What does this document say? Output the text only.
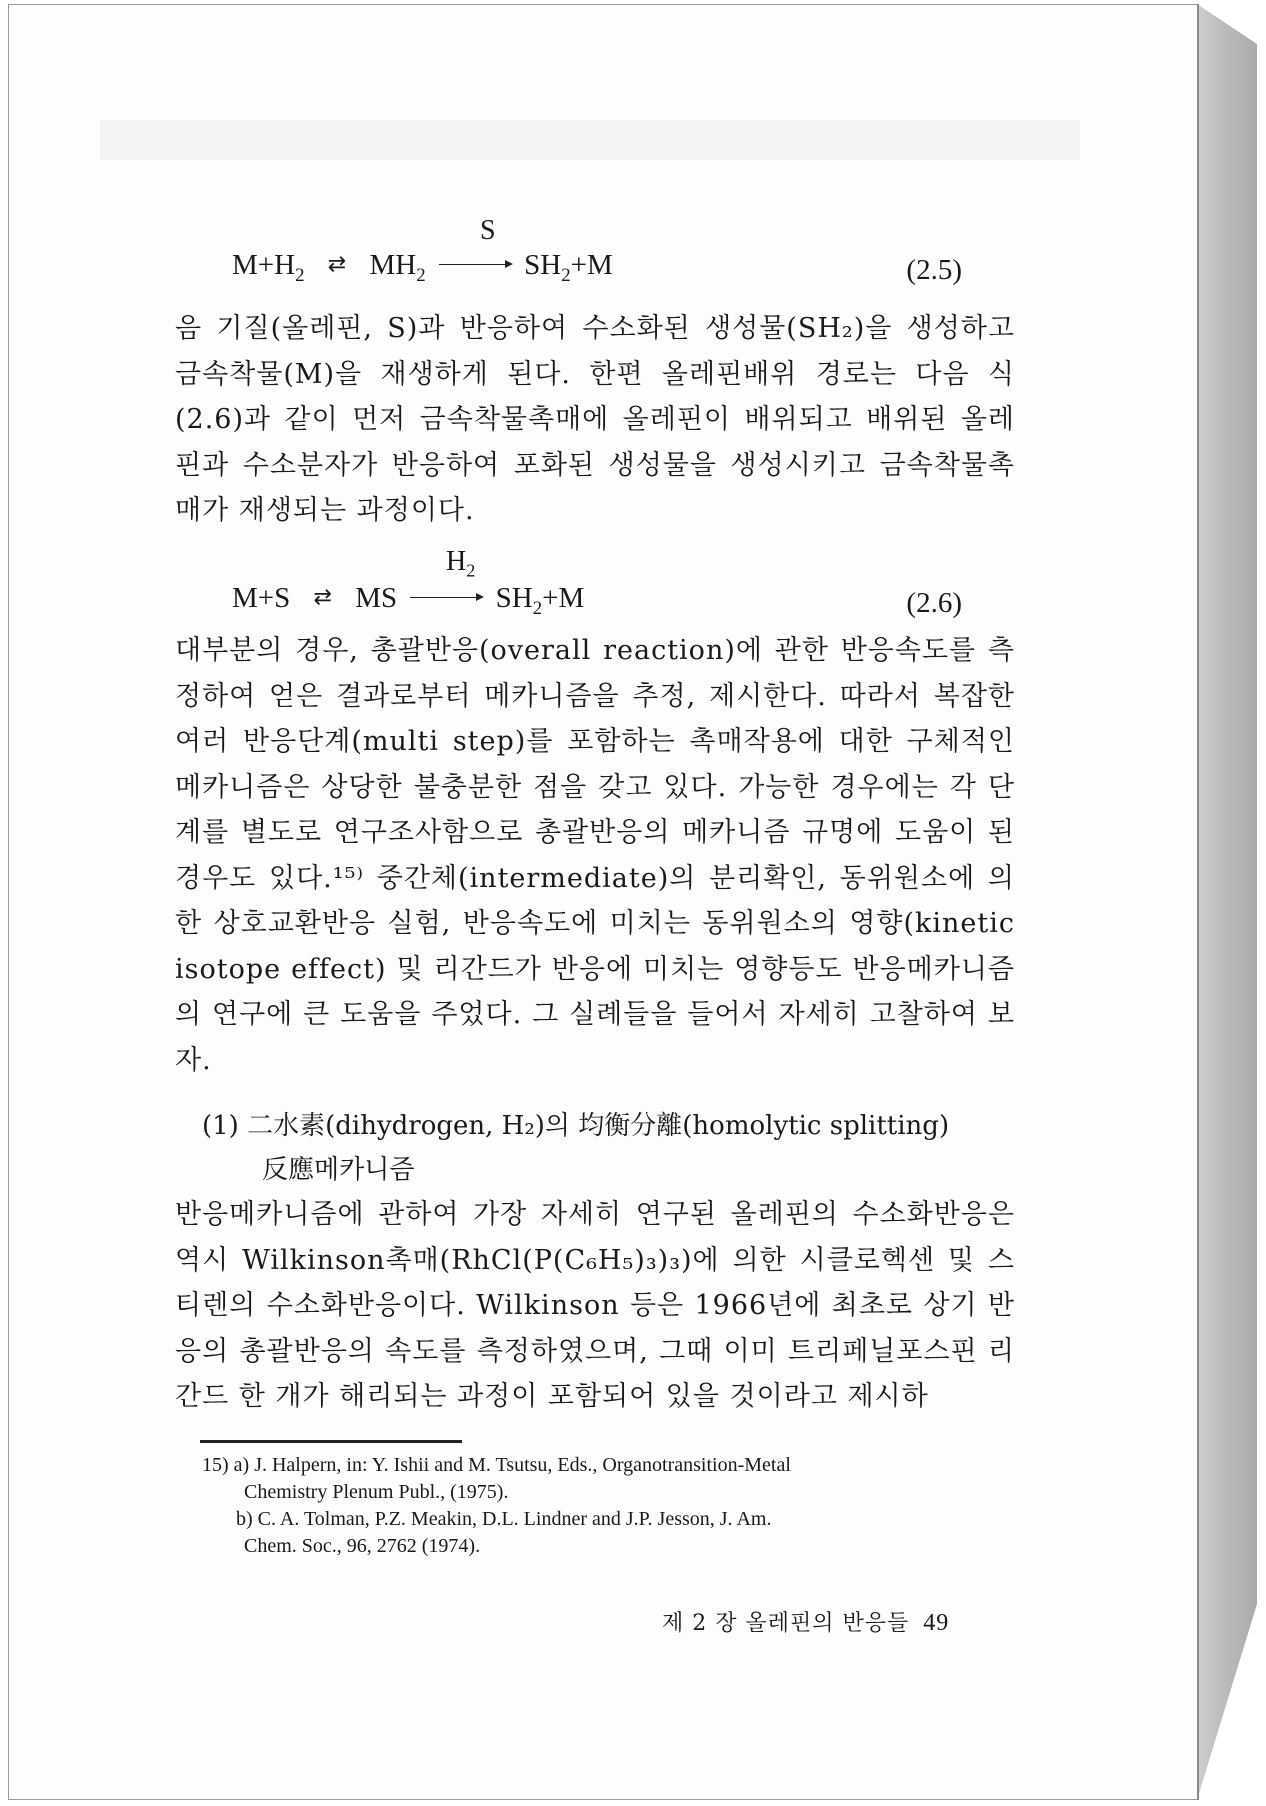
S
$M+H_2$ ⇄ $MH_2$	$SH_2+M$	(2.5)
음 기질(올레핀, S)과 반응하여 수소화된 생성물(SH₂)을 생성하고 금속착물(M)을 재생하게 된다. 한편 올레핀배위 경로는 다음 식(2.6)과 같이 먼저 금속착물촉매에 올레핀이 배위되고 배위된 올레핀과 수소분자가 반응하여 포화된 생성물을 생성시키고 금속착물촉매가 재생되는 과정이다.
$H_2$
M+S ⇄ MS	$SH_2+M$	(2.6)
대부분의 경우, 총괄반응(overall reaction)에 관한 반응속도를 측정하여 얻은 결과로부터 메카니즘을 추정, 제시한다. 따라서 복잡한 여러 반응단계(multi step)를 포함하는 촉매작용에 대한 구체적인 메카니즘은 상당한 불충분한 점을 갖고 있다. 가능한 경우에는 각 단계를 별도로 연구조사함으로 총괄반응의 메카니즘 규명에 도움이 된 경우도 있다.¹⁵⁾ 중간체(intermediate)의 분리확인, 동위원소에 의한 상호교환반응 실험, 반응속도에 미치는 동위원소의 영향(kinetic isotope effect) 및 리간드가 반응에 미치는 영향등도 반응메카니즘의 연구에 큰 도움을 주었다. 그 실례들을 들어서 자세히 고찰하여 보자.
(1) 二水素(dihydrogen, H₂)의 均衡分離(homolytic splitting)
反應메카니즘
반응메카니즘에 관하여 가장 자세히 연구된 올레핀의 수소화반응은 역시 Wilkinson촉매(RhCl(P(C₆H₅)₃)₃)에 의한 시클로헥센 및 스티렌의 수소화반응이다. Wilkinson 등은 1966년에 최초로 상기 반응의 총괄반응의 속도를 측정하였으며, 그때 이미 트리페닐포스핀 리간드 한 개가 해리되는 과정이 포함되어 있을 것이라고 제시하
15) a) J. Halpern, in: Y. Ishii and M. Tsutsu, Eds., Organotransition-Metal
Chemistry Plenum Publ., (1975).
b) C. A. Tolman, P.Z. Meakin, D.L. Lindner and J.P. Jesson, J. Am.
Chem. Soc., 96, 2762 (1974).
제 2 장 올레핀의 반응들 49
